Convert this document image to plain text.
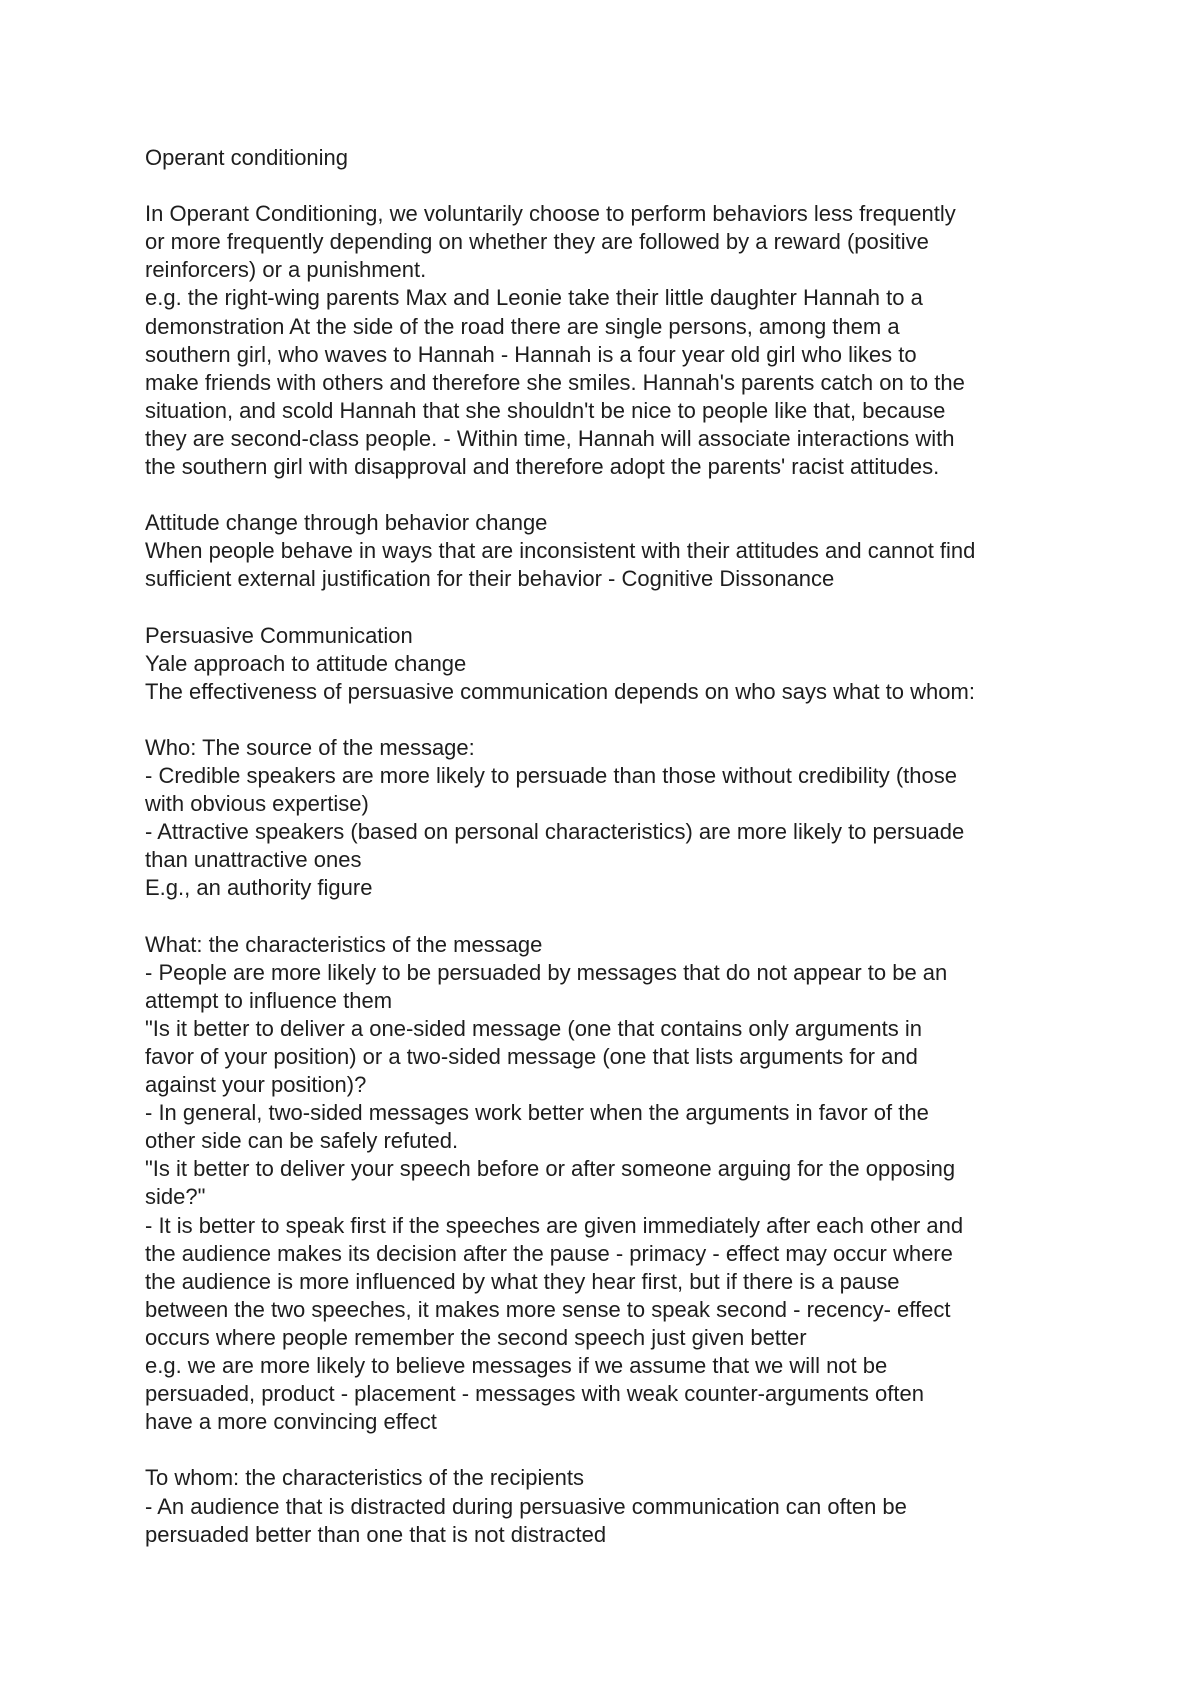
Operant conditioning
In Operant Conditioning, we voluntarily choose to perform behaviors less frequently
or more frequently depending on whether they are followed by a reward (positive
reinforcers) or a punishment.
e.g. the right-wing parents Max and Leonie take their little daughter Hannah to a
demonstration At the side of the road there are single persons, among them a
southern girl, who waves to Hannah - Hannah is a four year old girl who likes to
make friends with others and therefore she smiles. Hannah's parents catch on to the
situation, and scold Hannah that she shouldn't be nice to people like that, because
they are second-class people. - Within time, Hannah will associate interactions with
the southern girl with disapproval and therefore adopt the parents' racist attitudes.
Attitude change through behavior change
When people behave in ways that are inconsistent with their attitudes and cannot find
sufficient external justification for their behavior - Cognitive Dissonance
Persuasive Communication
Yale approach to attitude change
The effectiveness of persuasive communication depends on who says what to whom:
Who: The source of the message:
- Credible speakers are more likely to persuade than those without credibility (those
with obvious expertise)
- Attractive speakers (based on personal characteristics) are more likely to persuade
than unattractive ones
E.g., an authority figure
What: the characteristics of the message
- People are more likely to be persuaded by messages that do not appear to be an
attempt to influence them
"Is it better to deliver a one-sided message (one that contains only arguments in
favor of your position) or a two-sided message (one that lists arguments for and
against your position)?
- In general, two-sided messages work better when the arguments in favor of the
other side can be safely refuted.
"Is it better to deliver your speech before or after someone arguing for the opposing
side?"
- It is better to speak first if the speeches are given immediately after each other and
the audience makes its decision after the pause - primacy - effect may occur where
the audience is more influenced by what they hear first, but if there is a pause
between the two speeches, it makes more sense to speak second - recency- effect
occurs where people remember the second speech just given better
e.g. we are more likely to believe messages if we assume that we will not be
persuaded, product - placement - messages with weak counter-arguments often
have a more convincing effect
To whom: the characteristics of the recipients
- An audience that is distracted during persuasive communication can often be
persuaded better than one that is not distracted
